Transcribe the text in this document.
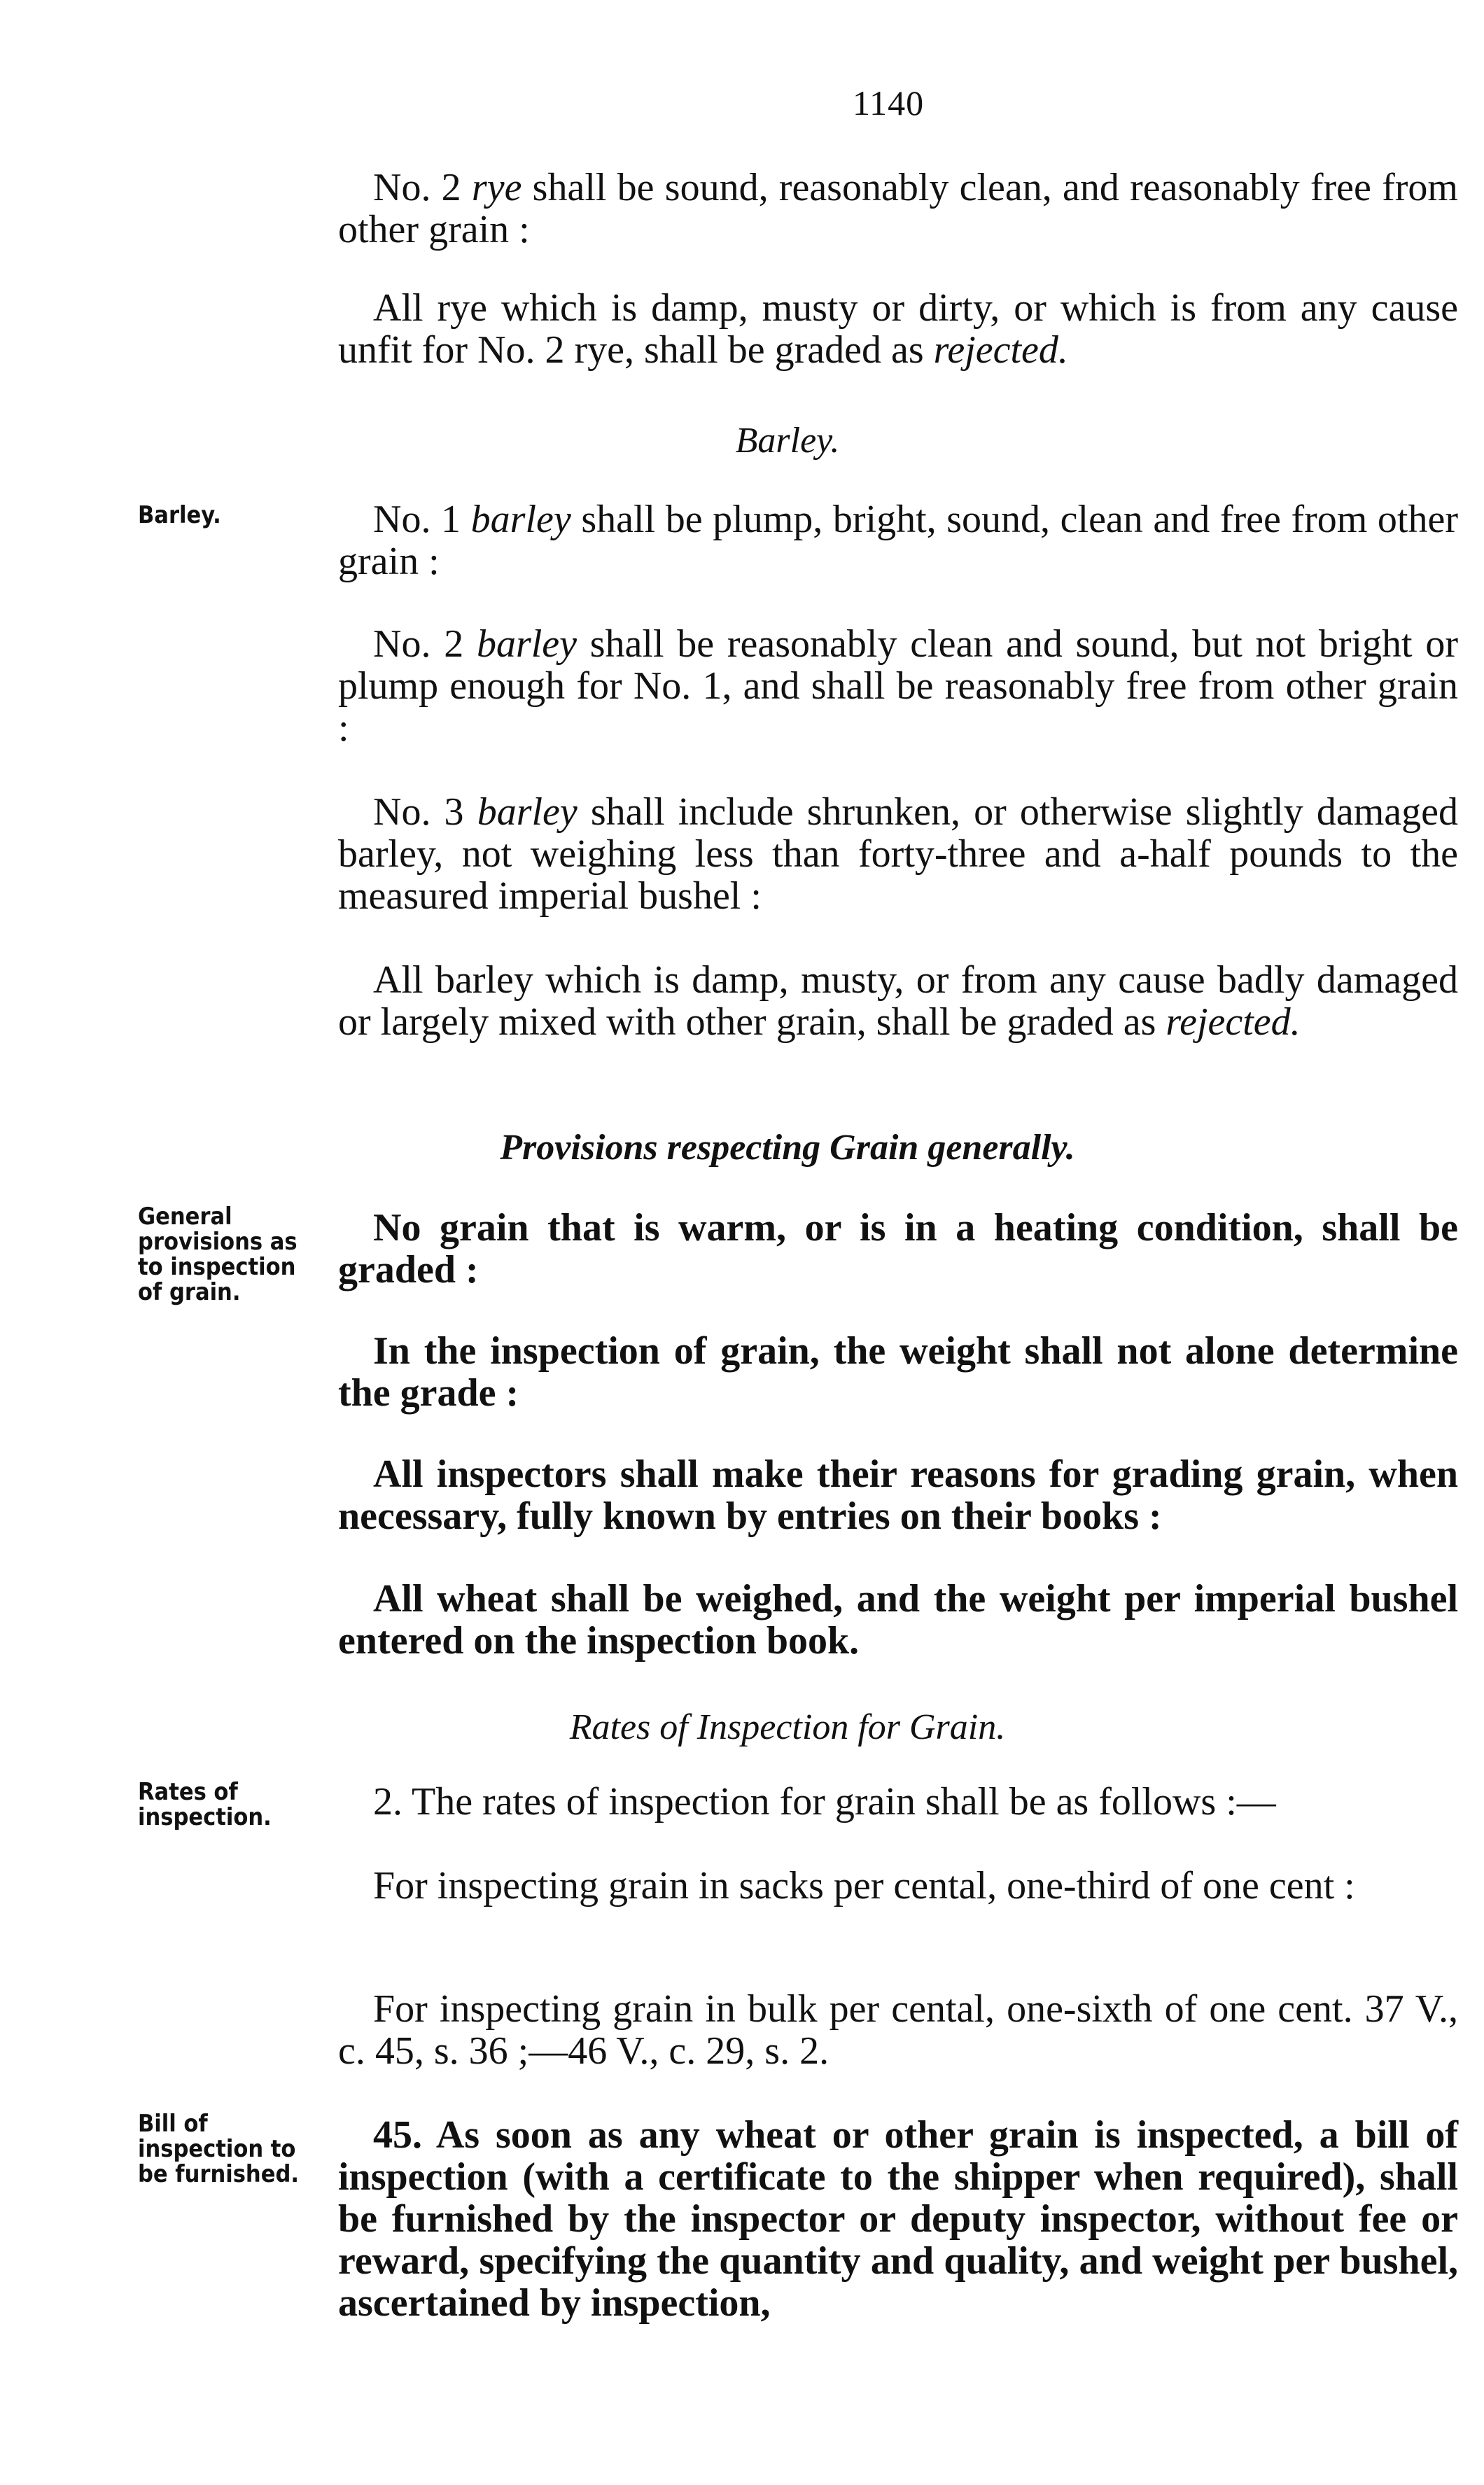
1140
No. 2 rye shall be sound, reasonably clean, and reasonably free from other grain :
All rye which is damp, musty or dirty, or which is from any cause unfit for No. 2 rye, shall be graded as rejected.
Barley.
Barley.	No. 1 barley shall be plump, bright, sound, clean and free from other grain :
No. 2 barley shall be reasonably clean and sound, but not bright or plump enough for No. 1, and shall be reasonably free from other grain :
No. 3 barley shall include shrunken, or otherwise slightly damaged barley, not weighing less than forty-three and a-half pounds to the measured imperial bushel :
All barley which is damp, musty, or from any cause badly damaged or largely mixed with other grain, shall be graded as rejected.
Provisions respecting Grain generally.
General provisions as to inspection of grain.
No grain that is warm, or is in a heating condition, shall be graded :
In the inspection of grain, the weight shall not alone determine the grade :
All inspectors shall make their reasons for grading grain, when necessary, fully known by entries on their books :
All wheat shall be weighed, and the weight per imperial bushel entered on the inspection book.
Rates of Inspection for Grain.
Rates of inspection.	2. The rates of inspection for grain shall be as follows :—
For inspecting grain in sacks per cental, one-third of one cent :
For inspecting grain in bulk per cental, one-sixth of one cent. 37 V., c. 45, s. 36 ;—46 V., c. 29, s. 2.
Bill of inspection to be furnished.
45. As soon as any wheat or other grain is inspected, a bill of inspection (with a certificate to the shipper when required), shall be furnished by the inspector or deputy inspector, without fee or reward, specifying the quantity and quality, and weight per bushel, ascertained by inspection,
